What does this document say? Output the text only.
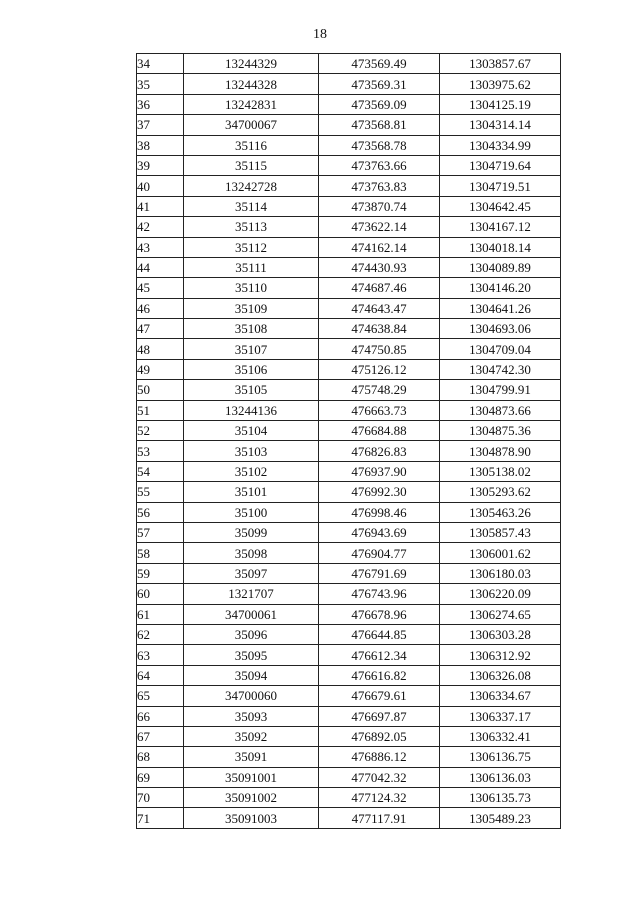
18
34	13244329	473569.49	1303857.67
35	13244328	473569.31	1303975.62
36	13242831	473569.09	1304125.19
37	34700067	473568.81	1304314.14
38	35116	473568.78	1304334.99
39	35115	473763.66	1304719.64
40	13242728	473763.83	1304719.51
41	35114	473870.74	1304642.45
42	35113	473622.14	1304167.12
43	35112	474162.14	1304018.14
44	35111	474430.93	1304089.89
45	35110	474687.46	1304146.20
46	35109	474643.47	1304641.26
47	35108	474638.84	1304693.06
48	35107	474750.85	1304709.04
49	35106	475126.12	1304742.30
50	35105	475748.29	1304799.91
51	13244136	476663.73	1304873.66
52	35104	476684.88	1304875.36
53	35103	476826.83	1304878.90
54	35102	476937.90	1305138.02
55	35101	476992.30	1305293.62
56	35100	476998.46	1305463.26
57	35099	476943.69	1305857.43
58	35098	476904.77	1306001.62
59	35097	476791.69	1306180.03
60	1321707	476743.96	1306220.09
61	34700061	476678.96	1306274.65
62	35096	476644.85	1306303.28
63	35095	476612.34	1306312.92
64	35094	476616.82	1306326.08
65	34700060	476679.61	1306334.67
66	35093	476697.87	1306337.17
67	35092	476892.05	1306332.41
68	35091	476886.12	1306136.75
69	35091001	477042.32	1306136.03
70	35091002	477124.32	1306135.73
71	35091003	477117.91	1305489.23
